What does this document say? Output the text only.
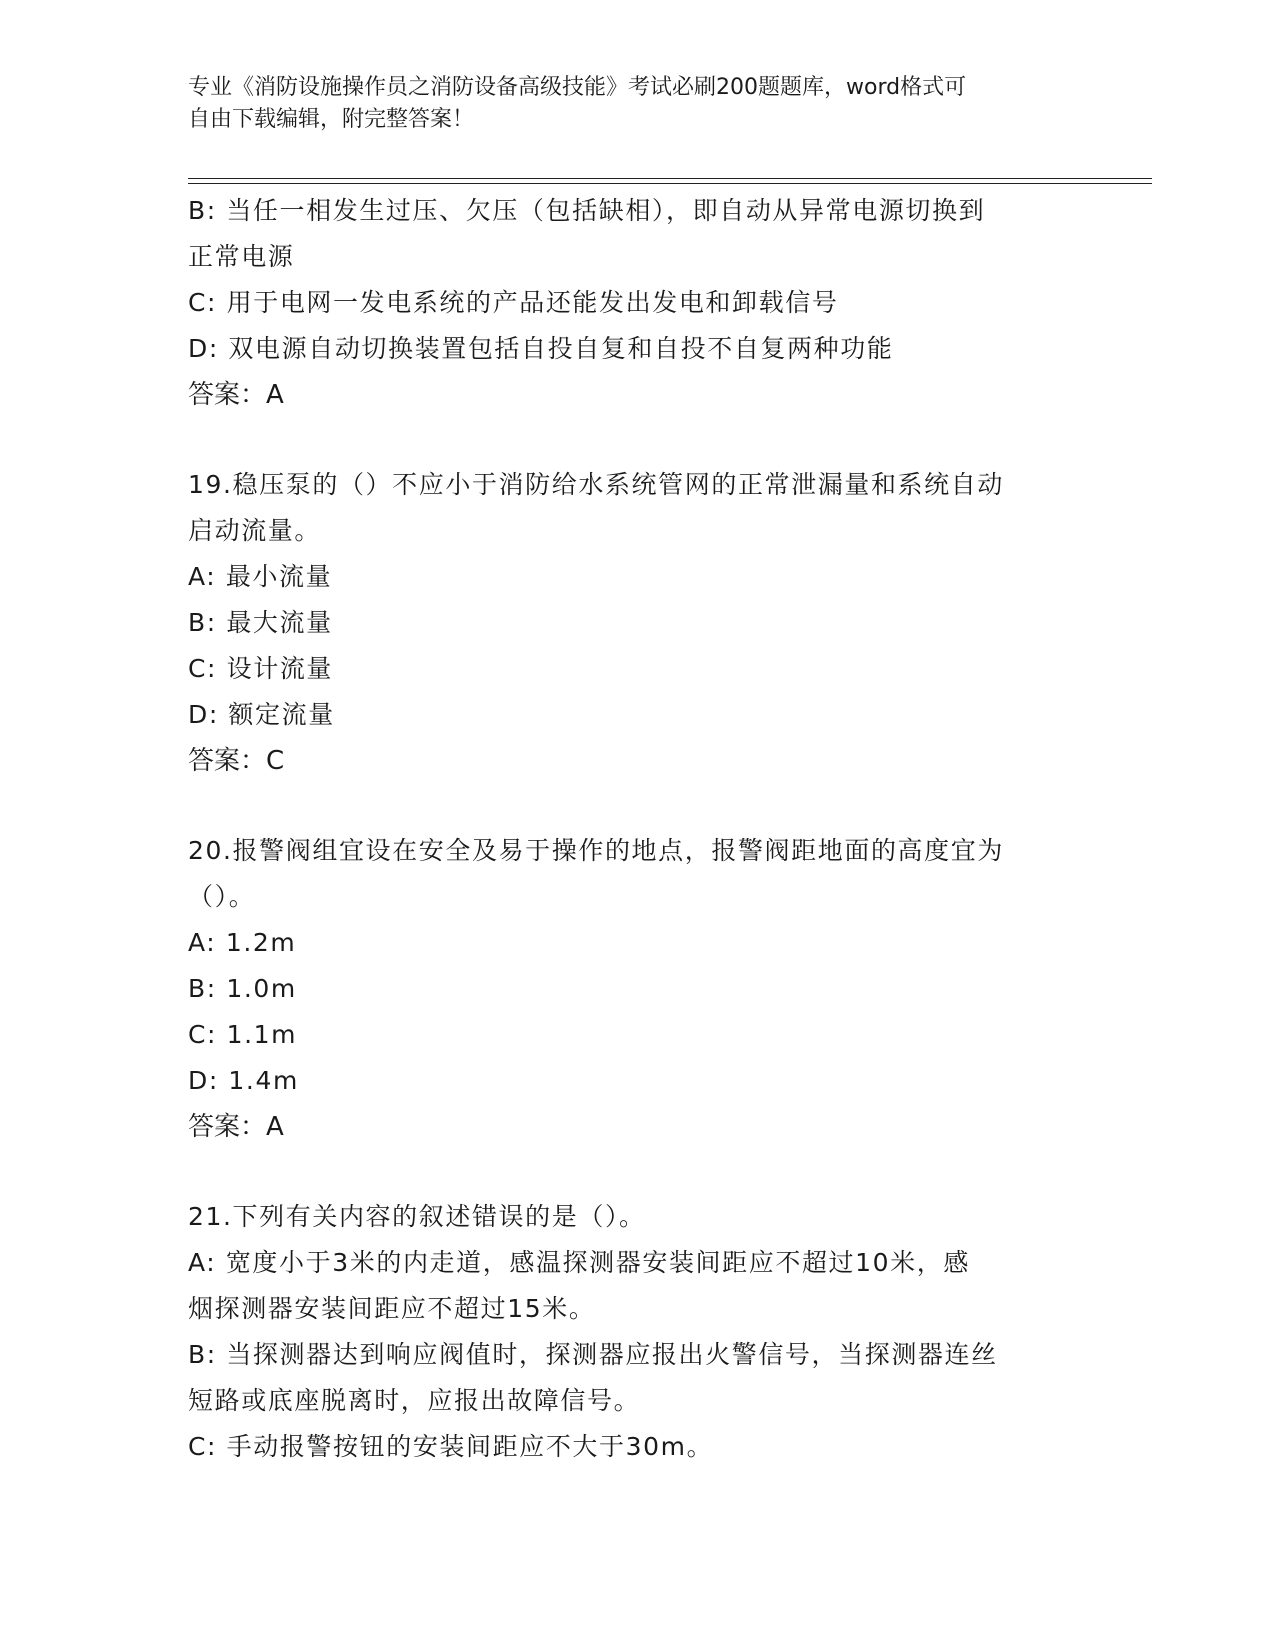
专业《消防设施操作员之消防设备高级技能》考试必刷200题题库，word格式可
自由下载编辑，附完整答案！
B: 当任一相发生过压、欠压（包括缺相），即自动从异常电源切换到
正常电源
C: 用于电网一发电系统的产品还能发出发电和卸载信号
D: 双电源自动切换装置包括自投自复和自投不自复两种功能
答案：A
19.稳压泵的（）不应小于消防给水系统管网的正常泄漏量和系统自动
启动流量。
A: 最小流量
B: 最大流量
C: 设计流量
D: 额定流量
答案：C
20.报警阀组宜设在安全及易于操作的地点，报警阀距地面的高度宜为
（）。
A: 1.2m
B: 1.0m
C: 1.1m
D: 1.4m
答案：A
21.下列有关内容的叙述错误的是（）。
A: 宽度小于3米的内走道，感温探测器安装间距应不超过10米，感
烟探测器安装间距应不超过15米。
B: 当探测器达到响应阀值时，探测器应报出火警信号，当探测器连丝
短路或底座脱离时，应报出故障信号。
C: 手动报警按钮的安装间距应不大于30m。
